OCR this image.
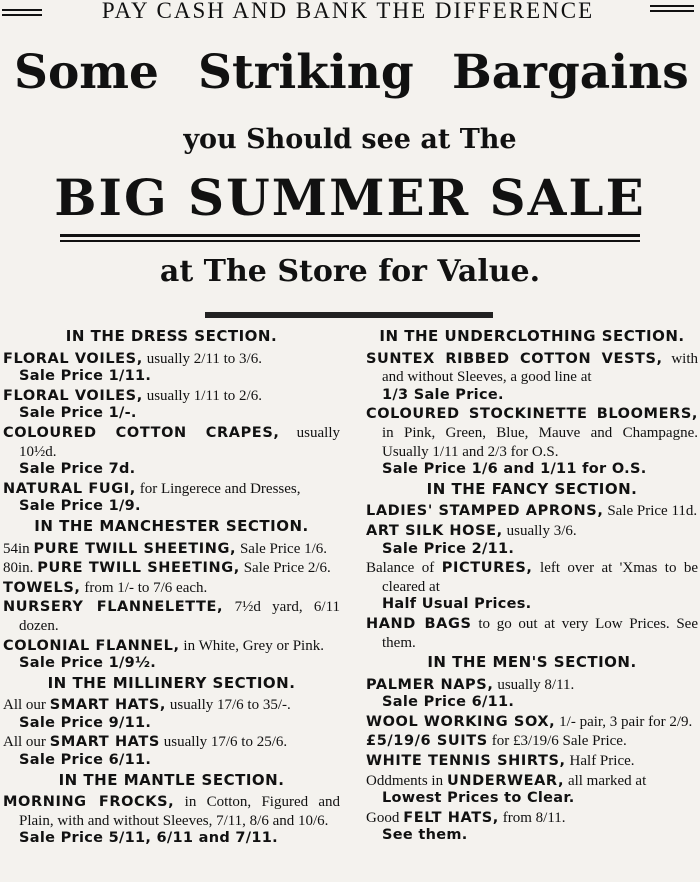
PAY CASH AND BANK THE DIFFERENCE
Some Striking Bargains
you Should see at The
BIG SUMMER SALE
at The Store for Value.
IN THE DRESS SECTION.
FLORAL VOILES, usually 2/11 to 3/6.
Sale Price 1/11.
FLORAL VOILES, usually 1/11 to 2/6.
Sale Price 1/-.
COLOURED COTTON CRAPES, usually 10½d.
Sale Price 7d.
NATURAL FUGI, for Lingerece and Dresses,
Sale Price 1/9.
IN THE MANCHESTER SECTION.
54in PURE TWILL SHEETING, Sale Price 1/6.
80in. PURE TWILL SHEETING, Sale Price 2/6.
TOWELS, from 1/- to 7/6 each.
NURSERY FLANNELETTE, 7½d yard, 6/11 dozen.
COLONIAL FLANNEL, in White, Grey or Pink.
Sale Price 1/9½.
IN THE MILLINERY SECTION.
All our SMART HATS, usually 17/6 to 35/-.
Sale Price 9/11.
All our SMART HATS usually 17/6 to 25/6.
Sale Price 6/11.
IN THE MANTLE SECTION.
MORNING FROCKS, in Cotton, Figured and Plain, with and without Sleeves, 7/11, 8/6 and 10/6.
Sale Price 5/11, 6/11 and 7/11.
IN THE UNDERCLOTHING SECTION.
SUNTEX RIBBED COTTON VESTS, with and without Sleeves, a good line at
1/3 Sale Price.
COLOURED STOCKINETTE BLOOMERS, in Pink, Green, Blue, Mauve and Champagne. Usually 1/11 and 2/3 for O.S.
Sale Price 1/6 and 1/11 for O.S.
IN THE FANCY SECTION.
LADIES' STAMPED APRONS, Sale Price 11d.
ART SILK HOSE, usually 3/6.
Sale Price 2/11.
Balance of PICTURES, left over at 'Xmas to be cleared at
Half Usual Prices.
HAND BAGS to go out at very Low Prices. See them.
IN THE MEN'S SECTION.
PALMER NAPS, usually 8/11.
Sale Price 6/11.
WOOL WORKING SOX, 1/- pair, 3 pair for 2/9.
£5/19/6 SUITS for £3/19/6 Sale Price.
WHITE TENNIS SHIRTS, Half Price.
Oddments in UNDERWEAR, all marked at
Lowest Prices to Clear.
Good FELT HATS, from 8/11.
See them.
